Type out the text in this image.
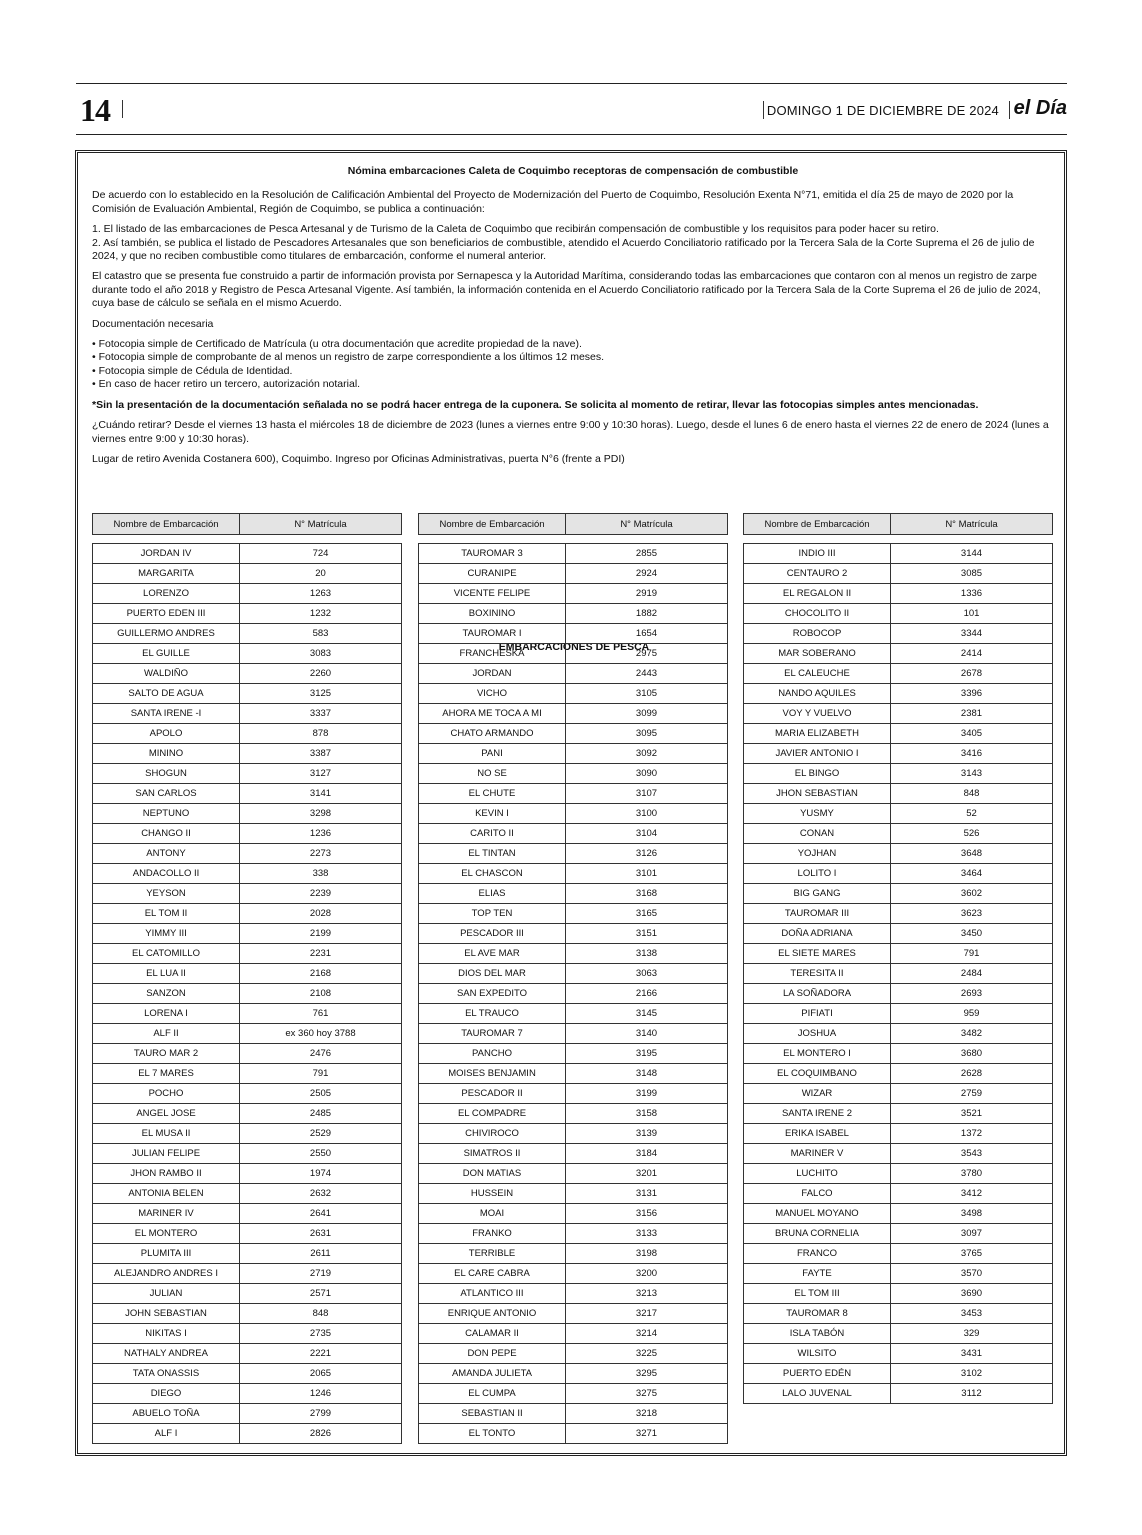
14	DOMINGO 1 DE DICIEMBRE DE 2024 el Día
Nómina embarcaciones Caleta de Coquimbo receptoras de compensación de combustible
De acuerdo con lo establecido en la Resolución de Calificación Ambiental del Proyecto de Modernización del Puerto de Coquimbo, Resolución Exenta N°71, emitida el día 25 de mayo de 2020 por la Comisión de Evaluación Ambiental, Región de Coquimbo, se publica a continuación:
1. El listado de las embarcaciones de Pesca Artesanal y de Turismo de la Caleta de Coquimbo que recibirán compensación de combustible y los requisitos para poder hacer su retiro.
2. Así también, se publica el listado de Pescadores Artesanales que son beneficiarios de combustible, atendido el Acuerdo Conciliatorio ratificado por la Tercera Sala de la Corte Suprema el 26 de julio de 2024, y que no reciben combustible como titulares de embarcación, conforme el numeral anterior.
El catastro que se presenta fue construido a partir de información provista por Sernapesca y la Autoridad Marítima, considerando todas las embarcaciones que contaron con al menos un registro de zarpe durante todo el año 2018 y Registro de Pesca Artesanal Vigente. Así también, la información contenida en el Acuerdo Conciliatorio ratificado por la Tercera Sala de la Corte Suprema el 26 de julio de 2024, cuya base de cálculo se señala en el mismo Acuerdo.
Documentación necesaria
• Fotocopia simple de Certificado de Matrícula (u otra documentación que acredite propiedad de la nave).
• Fotocopia simple de comprobante de al menos un registro de zarpe correspondiente a los últimos 12 meses.
• Fotocopia simple de Cédula de Identidad.
• En caso de hacer retiro un tercero, autorización notarial.
*Sin la presentación de la documentación señalada no se podrá hacer entrega de la cuponera. Se solicita al momento de retirar, llevar las fotocopias simples antes mencionadas.
¿Cuándo retirar? Desde el viernes 13 hasta el miércoles 18 de diciembre de 2023 (lunes a viernes entre 9:00 y 10:30 horas). Luego, desde el lunes 6 de enero hasta el viernes 22 de enero de 2024 (lunes a viernes entre 9:00 y 10:30 horas).
Lugar de retiro Avenida Costanera 600), Coquimbo. Ingreso por Oficinas Administrativas, puerta N°6 (frente a PDI)
EMBARCACIONES DE PESCA
Nombre de Embarcación	N° Matrícula	Nombre de Embarcación	N° Matrícula	Nombre de Embarcación	N° Matrícula
JORDAN IV	724
MARGARITA	20
LORENZO	1263
PUERTO EDEN III	1232
GUILLERMO ANDRES	583
EL GUILLE	3083
WALDIÑO	2260
SALTO DE AGUA	3125
SANTA IRENE -I	3337
APOLO	878
MININO	3387
SHOGUN	3127
SAN CARLOS	3141
NEPTUNO	3298
CHANGO II	1236
ANTONY	2273
ANDACOLLO II	338
YEYSON	2239
EL TOM II	2028
YIMMY III	2199
EL CATOMILLO	2231
EL LUA II	2168
SANZON	2108
LORENA I	761
ALF II	ex 360 hoy 3788
TAURO MAR 2	2476
EL 7 MARES	791
POCHO	2505
ANGEL JOSE	2485
EL MUSA II	2529
JULIAN FELIPE	2550
JHON RAMBO II	1974
ANTONIA BELEN	2632
MARINER IV	2641
EL MONTERO	2631
PLUMITA III	2611
ALEJANDRO ANDRES I	2719
JULIAN	2571
JOHN SEBASTIAN	848
NIKITAS I	2735
NATHALY ANDREA	2221
TATA ONASSIS	2065
DIEGO	1246
ABUELO TOÑA	2799
ALF I	2826
TAUROMAR 3	2855
CURANIPE	2924
VICENTE FELIPE	2919
BOXININO	1882
TAUROMAR I	1654
FRANCHESKA	2975
JORDAN	2443
VICHO	3105
AHORA ME TOCA A MI	3099
CHATO ARMANDO	3095
PANI	3092
NO SE	3090
EL CHUTE	3107
KEVIN I	3100
CARITO II	3104
EL TINTAN	3126
EL CHASCON	3101
ELIAS	3168
TOP TEN	3165
PESCADOR III	3151
EL AVE MAR	3138
DIOS DEL MAR	3063
SAN EXPEDITO	2166
EL TRAUCO	3145
TAUROMAR 7	3140
PANCHO	3195
MOISES BENJAMIN	3148
PESCADOR II	3199
EL COMPADRE	3158
CHIVIROCO	3139
SIMATROS II	3184
DON MATIAS	3201
HUSSEIN	3131
MOAI	3156
FRANKO	3133
TERRIBLE	3198
EL CARE CABRA	3200
ATLANTICO III	3213
ENRIQUE ANTONIO	3217
CALAMAR II	3214
DON PEPE	3225
AMANDA JULIETA	3295
EL CUMPA	3275
SEBASTIAN II	3218
EL TONTO	3271
INDIO III	3144
CENTAURO 2	3085
EL REGALON II	1336
CHOCOLITO II	101
ROBOCOP	3344
MAR SOBERANO	2414
EL CALEUCHE	2678
NANDO AQUILES	3396
VOY Y VUELVO	2381
MARIA ELIZABETH	3405
JAVIER ANTONIO I	3416
EL BINGO	3143
JHON SEBASTIAN	848
YUSMY	52
CONAN	526
YOJHAN	3648
LOLITO I	3464
BIG GANG	3602
TAUROMAR III	3623
DOÑA ADRIANA	3450
EL SIETE MARES	791
TERESITA II	2484
LA SOÑADORA	2693
PIFIATI	959
JOSHUA	3482
EL MONTERO I	3680
EL COQUIMBANO	2628
WIZAR	2759
SANTA IRENE 2	3521
ERIKA ISABEL	1372
MARINER V	3543
LUCHITO	3780
FALCO	3412
MANUEL MOYANO	3498
BRUNA CORNELIA	3097
FRANCO	3765
FAYTE	3570
EL TOM III	3690
TAUROMAR 8	3453
ISLA TABÓN	329
WILSITO	3431
PUERTO EDÉN	3102
LALO JUVENAL	3112
